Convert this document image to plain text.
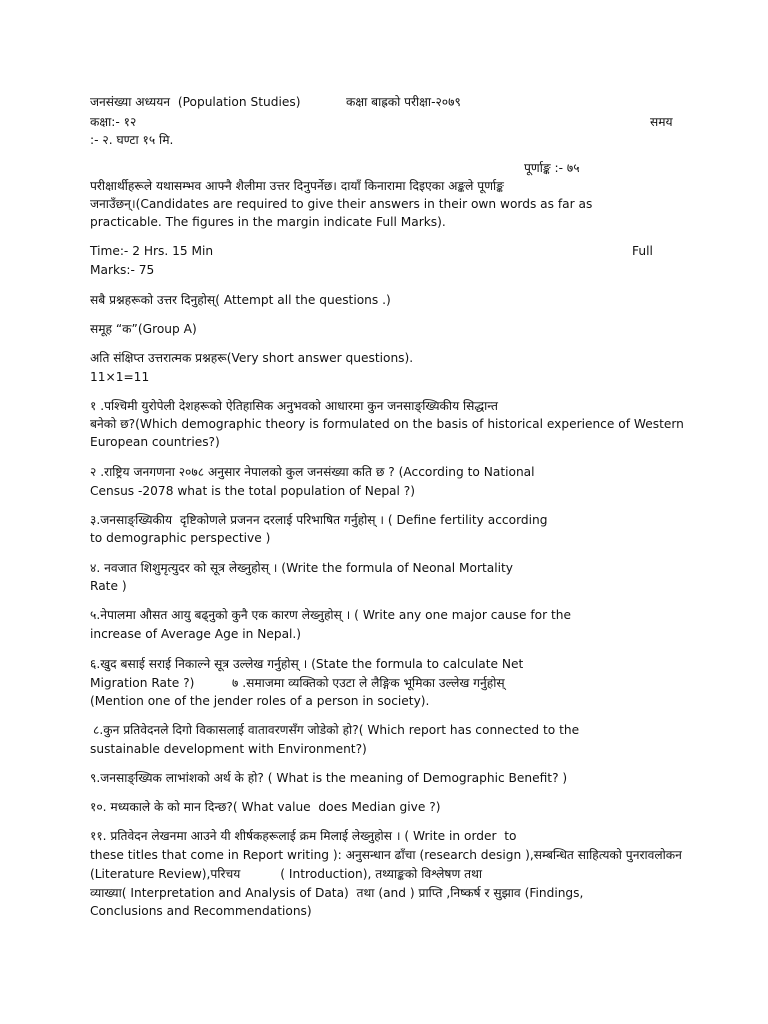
जनसंख्या अध्ययन (Population Studies)	कक्षा बाह्रको परीक्षा-२०७९
कक्षा:- १२	समय
:- २. घण्टा १५ मि.
पूर्णाङ्क :- ७५
परीक्षार्थीहरूले यथासम्भव आफ्नै शैलीमा उत्तर दिनुपर्नेछ। दायाँ किनारामा दिइएका अङ्कले पूर्णाङ्क
जनाउँछन्।(Candidates are required to give their answers in their own words as far as
practicable. The figures in the margin indicate Full Marks).
Time:- 2 Hrs. 15 Min	Full
Marks:- 75
सबै प्रश्नहरूको उत्तर दिनुहोस्( Attempt all the questions .)
समूह “क”(Group A)
अति संक्षिप्त उत्तरात्मक प्रश्नहरू(Very short answer questions).
11×1=11
१ .पश्चिमी युरोपेली देशहरूको ऐतिहासिक अनुभवको आधारमा कुन जनसाङ्ख्यिकीय सिद्धान्त
बनेको छ?(Which demographic theory is formulated on the basis of historical experience of Western
European countries?)
२ .राष्ट्रिय जनगणना २०७८ अनुसार नेपालको कुल जनसंख्या कति छ ? (According to National
Census -2078 what is the total population of Nepal ?)
३.जनसाङ्ख्यिकीय  दृष्टिकोणले प्रजनन दरलाई परिभाषित गर्नुहोस् । ( Define fertility according
to demographic perspective )
४. नवजात शिशुमृत्युदर को सूत्र लेख्नुहोस् । (Write the formula of Neonal Mortality
Rate )
५.नेपालमा औसत आयु बढ्नुको कुनै एक कारण लेख्नुहोस् । ( Write any one major cause for the
increase of Average Age in Nepal.)
६.खुद बसाई सराई निकाल्ने सूत्र उल्लेख गर्नुहोस् । (State the formula to calculate Net
Migration Rate ?)	७ .समाजमा व्यक्तिको एउटा ले लैङ्गिक भूमिका उल्लेख गर्नुहोस्
(Mention one of the jender roles of a person in society).
८.कुन प्रतिवेदनले दिगो विकासलाई वातावरणसँग जोडेको हो?( Which report has connected to the
sustainable development with Environment?)
९.जनसाङ्ख्यिक लाभांशको अर्थ के हो? ( What is the meaning of Demographic Benefit? )
१०. मध्यकाले के को मान दिन्छ?( What value  does Median give ?)
११. प्रतिवेदन लेखनमा आउने यी शीर्षकहरूलाई क्रम मिलाई लेख्नुहोस । ( Write in order  to
these titles that come in Report writing ): अनुसन्धान ढाँचा (research design ),सम्बन्धित साहित्यको पुनरावलोकन
(Literature Review),परिचय	( Introduction), तथ्याङ्कको विश्लेषण तथा
व्याख्या( Interpretation and Analysis of Data)  तथा (and ) प्राप्ति ,निष्कर्ष र सुझाव (Findings,
Conclusions and Recommendations)
